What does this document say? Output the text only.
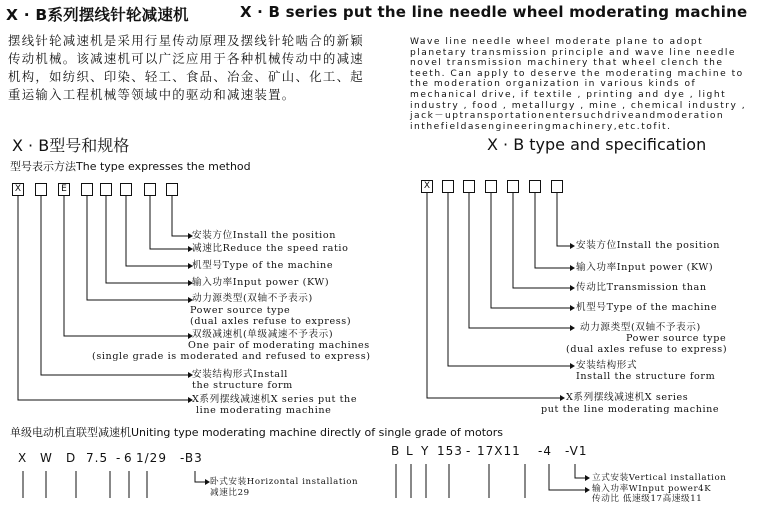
X · B系列摆线针轮减速机	X · B series put the line needle wheel moderating machine
摆线针轮减速机是采用行星传动原理及摆线针轮啮合的新颖传动机械。该减速机可以广泛应用于各种机械传动中的减速机构，如纺织、印染、轻工、食品、冶金、矿山、化工、起重运输入工程机械等领域中的驱动和减速装置。
Wave line needle wheel moderate plane to adopt planetary transmission principle and wave line needle novel transmission machinery that wheel clench the teeth. Can apply to deserve the moderating machine to the moderation organization in various kinds of mechanical drive, if textile , printing and dye , light industry , food , metallurgy , mine , chemical industry , jack－uptransportationentersuchdriveandmoderation inthefieldasengineeringmachinery,etc.tofit.
X · B型号和规格	X · B type and specification
型号表示方法The type expresses the method
X	E	X
安装方位Install the position
减速比Reduce the speed ratio
机型号Type of the machine
输入功率Input power (KW)
动力源类型(双轴不予表示)
Power source type
(dual axles refuse to express)
双级减速机(单级减速不予表示)
One pair of moderating machines
(single grade is moderated and refused to express)
安装结构形式Install
the structure form
X系列摆线减速机X series put the
line moderating machine
安装方位Install the position
输入功率Input power (KW)
传动比Transmission than
机型号Type of the machine
动力源类型(双轴不予表示)
Power source type
(dual axles refuse to express)
安装结构形式
Install the structure form
X系列摆线减速机X series
put the line moderating machine
单级电动机直联型减速机Uniting type moderating machine directly of single grade of motors
X W D 7.5 - 6 1/29 -B3
卧式安装Horizontal installation
减速比29
B L Y 153 - 17X11 -4 -V1
立式安装Vertical installation
输入功率WInput power4K
传动比 低速级17高速级11
